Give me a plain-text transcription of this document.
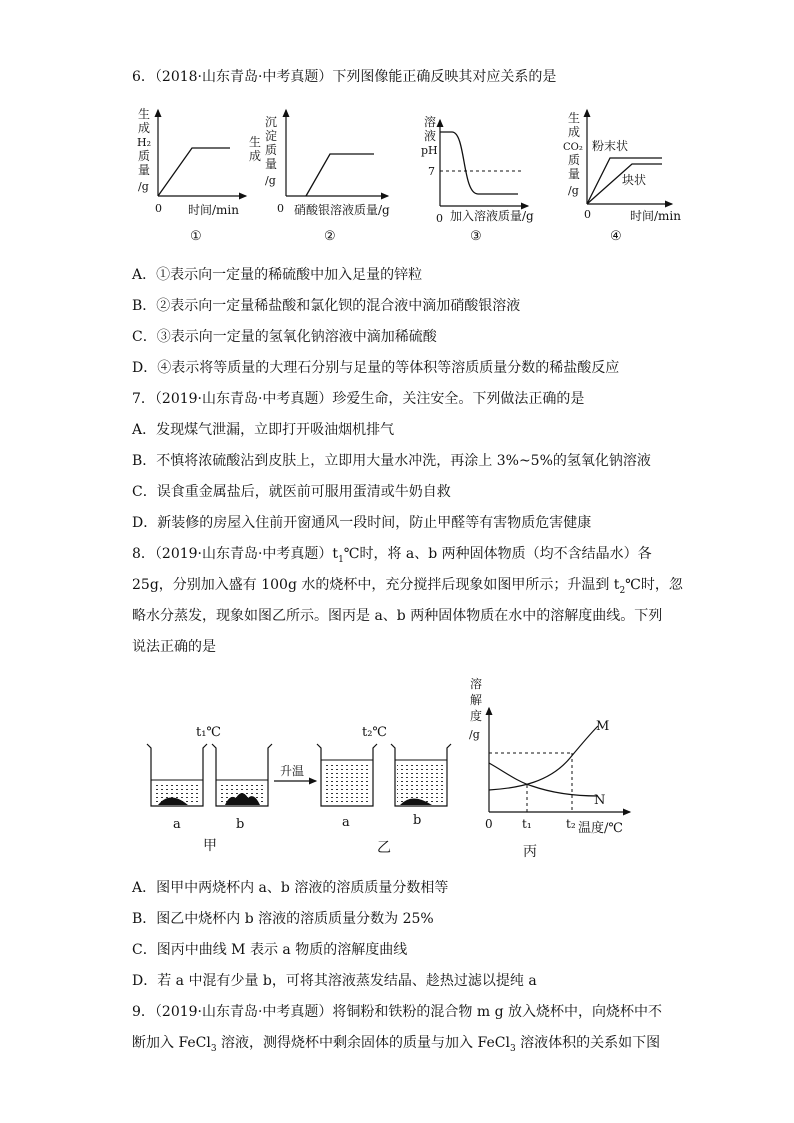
6．（2018·山东青岛·中考真题）下列图像能正确反映其对应关系的是
生
成
H₂
质
量
/g
0 时间/min
①
沉
淀
质
量
/g
生
成
0 硝酸银溶液质量/g
②
溶
液
pH
7
0 加入溶液质量/g
③
粉末状
块状
生
成
CO₂
质
量
/g
0	时间/min
④
A．①表示向一定量的稀硫酸中加入足量的锌粒
B．②表示向一定量稀盐酸和氯化钡的混合液中滴加硝酸银溶液
C．③表示向一定量的氢氧化钠溶液中滴加稀硫酸
D．④表示将等质量的大理石分别与足量的等体积等溶质质量分数的稀盐酸反应
7．（2019·山东青岛·中考真题）珍爱生命，关注安全。下列做法正确的是
A．发现煤气泄漏，立即打开吸油烟机排气
B．不慎将浓硫酸沾到皮肤上，立即用大量水冲洗，再涂上 3%~5%的氢氧化钠溶液
C．误食重金属盐后，就医前可服用蛋清或牛奶自救
D．新装修的房屋入住前开窗通风一段时间，防止甲醛等有害物质危害健康
8．（2019·山东青岛·中考真题）$t_1℃$时，将 a、b 两种固体物质（均不含结晶水）各
25g，分别加入盛有 100g 水的烧杯中，充分搅拌后现象如图甲所示；升温到 $t_2℃$时，忽
略水分蒸发，现象如图乙所示。图丙是 a、b 两种固体物质在水中的溶解度曲线。下列
说法正确的是
t₁℃	t₂℃
升温
a	b	a	b
甲	乙	丙
溶
解
度
/g
M
N
0 t₁	t₂ 温度/℃
A．图甲中两烧杯内 a、b 溶液的溶质质量分数相等
B．图乙中烧杯内 b 溶液的溶质质量分数为 25%
C．图丙中曲线 M 表示 a 物质的溶解度曲线
D．若 a 中混有少量 b，可将其溶液蒸发结晶、趁热过滤以提纯 a
9．（2019·山东青岛·中考真题）将铜粉和铁粉的混合物 m g 放入烧杯中，向烧杯中不
断加入 FeCl$_3$ 溶液，测得烧杯中剩余固体的质量与加入 FeCl$_3$ 溶液体积的关系如下图
